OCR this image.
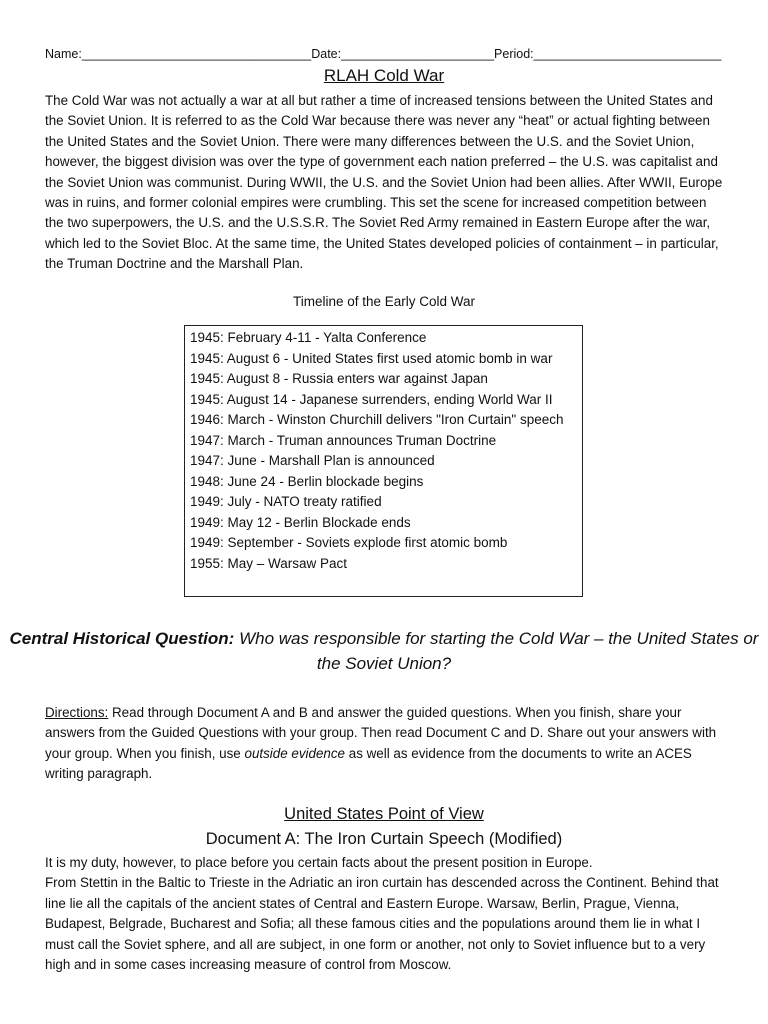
Name:_________________________________Date:______________________Period:___________________________
RLAH Cold War

The Cold War was not actually a war at all but rather a time of increased tensions between the United States and the Soviet Union. It is referred to as the Cold War because there was never any “heat” or actual fighting between the United States and the Soviet Union. There were many differences between the U.S. and the Soviet Union, however, the biggest division was over the type of government each nation preferred – the U.S. was capitalist and the Soviet Union was communist. During WWII, the U.S. and the Soviet Union had been allies. After WWII, Europe was in ruins, and former colonial empires were crumbling. This set the scene for increased competition between the two superpowers, the U.S. and the U.S.S.R. The Soviet Red Army remained in Eastern Europe after the war, which led to the Soviet Bloc. At the same time, the United States developed policies of containment – in particular, the Truman Doctrine and the Marshall Plan.

Timeline of the Early Cold War

1945: February 4-11 - Yalta Conference

1945: August 6 - United States first used atomic bomb in war

1945: August 8 - Russia enters war against Japan

1945: August 14 - Japanese surrenders, ending World War II

1946: March - Winston Churchill delivers "Iron Curtain" speech

1947: March - Truman announces Truman Doctrine

1947: June - Marshall Plan is announced

1948: June 24 - Berlin blockade begins

1949: July - NATO treaty ratified

1949: May 12 - Berlin Blockade ends

1949: September - Soviets explode first atomic bomb

1955: May – Warsaw Pact

Central Historical Question: Who was responsible for starting the Cold War – the United States or the Soviet Union?

Directions: Read through Document A and B and answer the guided questions. When you finish, share your answers from the Guided Questions with your group. Then read Document C and D. Share out your answers with your group. When you finish, use outside evidence as well as evidence from the documents to write an ACES writing paragraph.

United States Point of View
Document A: The Iron Curtain Speech (Modified)

It is my duty, however, to place before you certain facts about the present position in Europe.

From Stettin in the Baltic to Trieste in the Adriatic an iron curtain has descended across the Continent. Behind that line lie all the capitals of the ancient states of Central and Eastern Europe. Warsaw, Berlin, Prague, Vienna, Budapest, Belgrade, Bucharest and Sofia; all these famous cities and the populations around them lie in what I must call the Soviet sphere, and all are subject, in one form or another, not only to Soviet influence but to a very high and in some cases increasing measure of control from Moscow.
